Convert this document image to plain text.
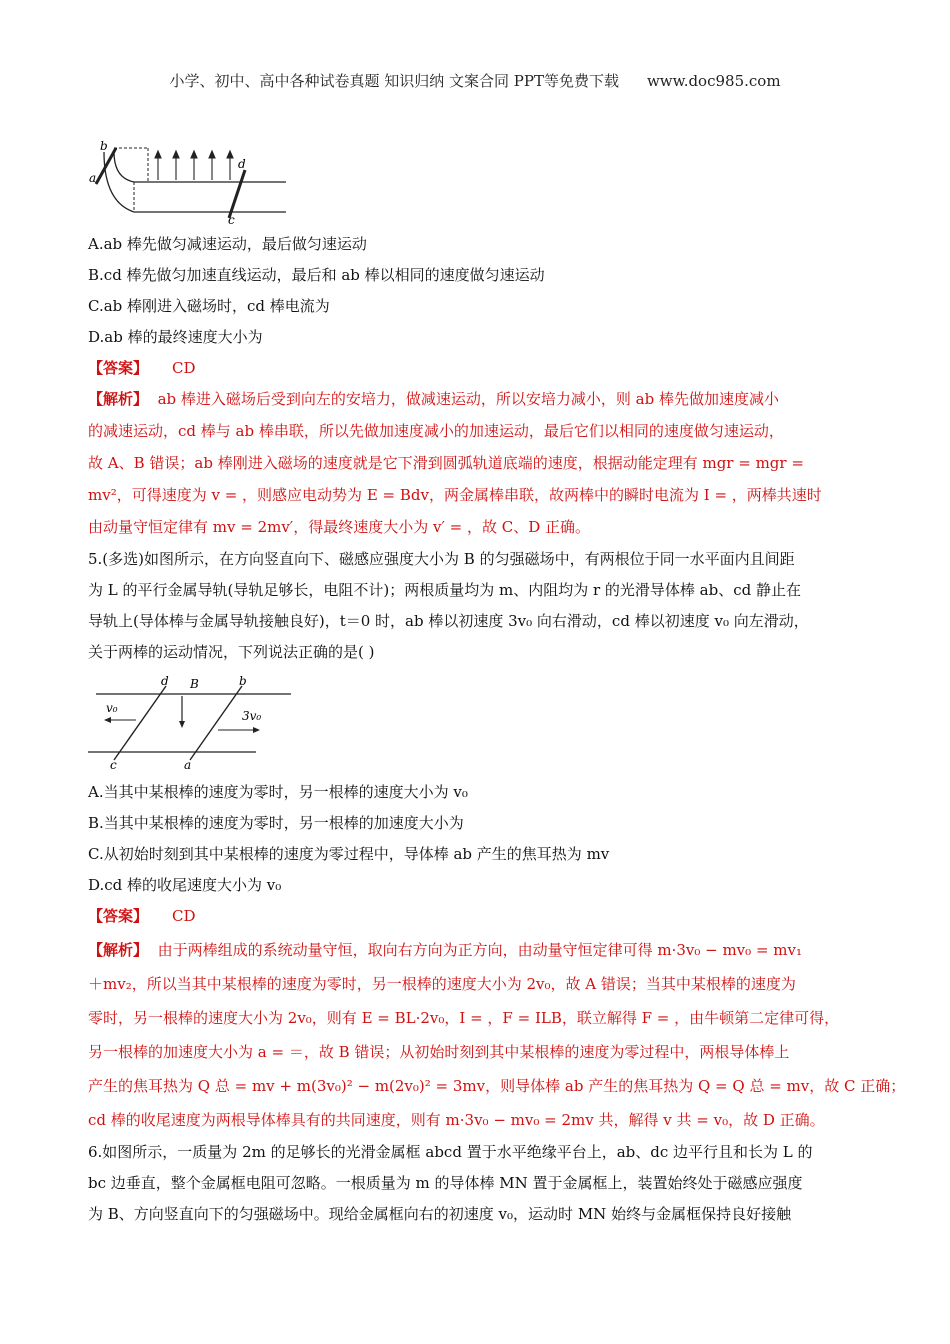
小学、初中、高中各种试卷真题 知识归纳 文案合同 PPT等免费下载 www.doc985.com
b
a
d
c
A.ab 棒先做匀减速运动，最后做匀速运动
B.cd 棒先做匀加速直线运动，最后和 ab 棒以相同的速度做匀速运动
C.ab 棒刚进入磁场时，cd 棒电流为
D.ab 棒的最终速度大小为
【答案】 CD
【解析】 ab 棒进入磁场后受到向左的安培力，做减速运动，所以安培力减小，则 ab 棒先做加速度减小
的减速运动，cd 棒与 ab 棒串联，所以先做加速度减小的加速运动，最后它们以相同的速度做匀速运动，
故 A、B 错误；ab 棒刚进入磁场的速度就是它下滑到圆弧轨道底端的速度，根据动能定理有 mgr = mgr =
mv²，可得速度为 v = ，则感应电动势为 E = Bdv，两金属棒串联，故两棒中的瞬时电流为 I = ，两棒共速时
由动量守恒定律有 mv = 2mv′，得最终速度大小为 v′ = ，故 C、D 正确。
5.(多选)如图所示，在方向竖直向下、磁感应强度大小为 B 的匀强磁场中，有两根位于同一水平面内且间距
为 L 的平行金属导轨(导轨足够长，电阻不计)；两根质量均为 m、内阻均为 r 的光滑导体棒 ab、cd 静止在
导轨上(导体棒与金属导轨接触良好)，t＝0 时，ab 棒以初速度 3v₀ 向右滑动，cd 棒以初速度 v₀ 向左滑动，
关于两棒的运动情况，下列说法正确的是( )
d B	b
v₀
3v₀
c	a
A.当其中某根棒的速度为零时，另一根棒的速度大小为 v₀
B.当其中某根棒的速度为零时，另一根棒的加速度大小为
C.从初始时刻到其中某根棒的速度为零过程中，导体棒 ab 产生的焦耳热为 mv
D.cd 棒的收尾速度大小为 v₀
【答案】 CD
【解析】 由于两棒组成的系统动量守恒，取向右方向为正方向，由动量守恒定律可得 m·3v₀ − mv₀ = mv₁
＋mv₂，所以当其中某根棒的速度为零时，另一根棒的速度大小为 2v₀，故 A 错误；当其中某根棒的速度为
零时，另一根棒的速度大小为 2v₀，则有 E = BL·2v₀，I = ，F = ILB，联立解得 F = ，由牛顿第二定律可得，
另一根棒的加速度大小为 a = ＝，故 B 错误；从初始时刻到其中某根棒的速度为零过程中，两根导体棒上
产生的焦耳热为 Q 总 = mv + m(3v₀)² − m(2v₀)² = 3mv，则导体棒 ab 产生的焦耳热为 Q = Q 总 = mv，故 C 正确；
cd 棒的收尾速度为两根导体棒具有的共同速度，则有 m·3v₀ − mv₀ = 2mv 共，解得 v 共 = v₀，故 D 正确。
6.如图所示，一质量为 2m 的足够长的光滑金属框 abcd 置于水平绝缘平台上，ab、dc 边平行且和长为 L 的
bc 边垂直，整个金属框电阻可忽略。一根质量为 m 的导体棒 MN 置于金属框上，装置始终处于磁感应强度
为 B、方向竖直向下的匀强磁场中。现给金属框向右的初速度 v₀，运动时 MN 始终与金属框保持良好接触
